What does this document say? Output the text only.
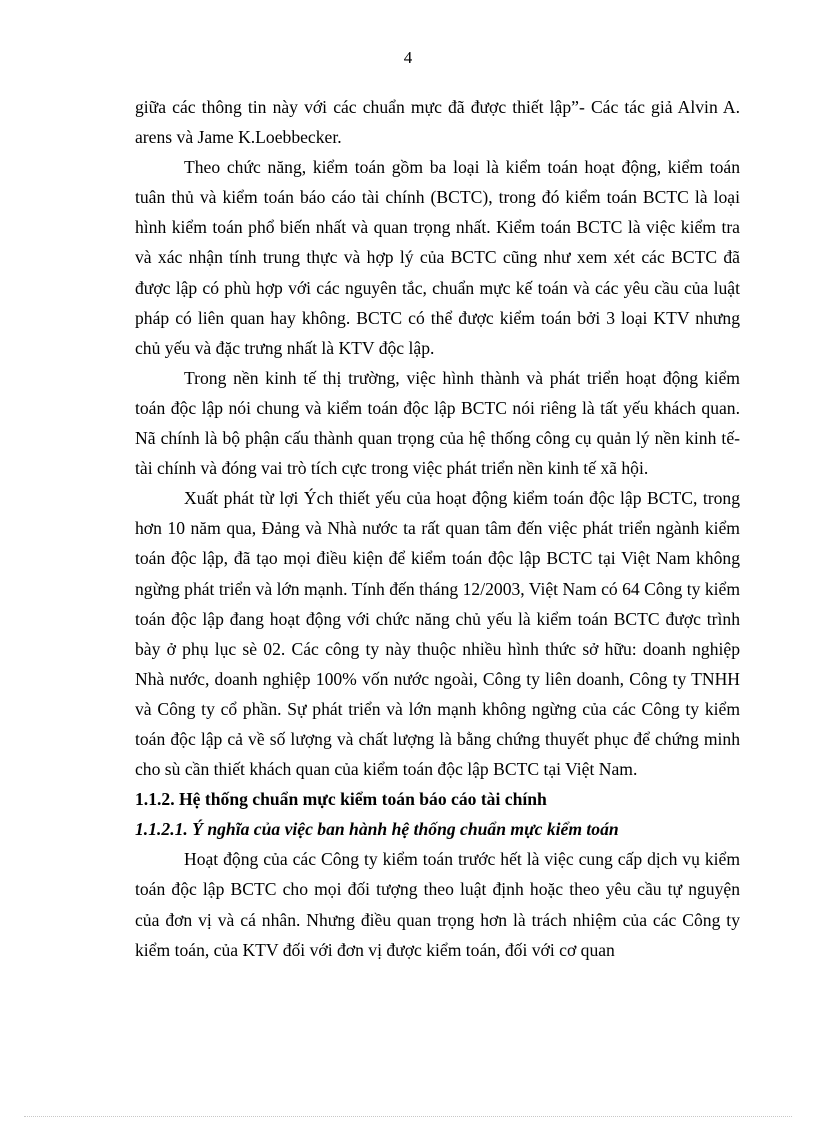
4

giữa các thông tin này với các chuẩn mực đã được thiết lập”- Các tác giả Alvin A. arens và Jame K.Loebbecker.

Theo chức năng, kiểm toán gồm ba loại là kiểm toán hoạt động, kiểm toán tuân thủ và kiểm toán báo cáo tài chính (BCTC), trong đó kiểm toán BCTC là loại hình kiểm toán phổ biến nhất và quan trọng nhất. Kiểm toán BCTC là việc kiểm tra và xác nhận tính trung thực và hợp lý của BCTC cũng như xem xét các BCTC đã được lập có phù hợp với các nguyên tắc, chuẩn mực kế toán và các yêu cầu của luật pháp có liên quan hay không. BCTC có thể được kiểm toán bởi 3 loại KTV nhưng chủ yếu và đặc trưng nhất là KTV độc lập.

Trong nền kinh tế thị trường, việc hình thành và phát triển hoạt động kiểm toán độc lập nói chung và kiểm toán độc lập BCTC nói riêng là tất yếu khách quan. Nã chính là bộ phận cấu thành quan trọng của hệ thống công cụ quản lý nền kinh tế- tài chính và đóng vai trò tích cực trong việc phát triển nền kinh tế xã hội.

Xuất phát từ lợi Ých thiết yếu của hoạt động kiểm toán độc lập BCTC, trong hơn 10 năm qua, Đảng và Nhà nước ta rất quan tâm đến việc phát triển ngành kiểm toán độc lập, đã tạo mọi điều kiện để kiểm toán độc lập BCTC tại Việt Nam không ngừng phát triển và lớn mạnh. Tính đến tháng 12/2003, Việt Nam có 64 Công ty kiểm toán độc lập đang hoạt động với chức năng chủ yếu là kiểm toán BCTC được trình bày ở phụ lục sè 02. Các công ty này thuộc nhiều hình thức sở hữu: doanh nghiệp Nhà nước, doanh nghiệp 100% vốn nước ngoài, Công ty liên doanh, Công ty TNHH và Công ty cổ phần. Sự phát triển và lớn mạnh không ngừng của các Công ty kiểm toán độc lập cả về số lượng và chất lượng là bằng chứng thuyết phục để chứng minh cho sù cần thiết khách quan của kiểm toán độc lập BCTC tại Việt Nam.

1.1.2. Hệ thống chuẩn mực kiểm toán báo cáo tài chính

1.1.2.1. Ý nghĩa của việc ban hành hệ thống chuẩn mực kiểm toán

Hoạt động của các Công ty kiểm toán trước hết là việc cung cấp dịch vụ kiểm toán độc lập BCTC cho mọi đối tượng theo luật định hoặc theo yêu cầu tự nguyện của đơn vị và cá nhân. Nhưng điều quan trọng hơn là trách nhiệm của các Công ty kiểm toán, của KTV đối với đơn vị được kiểm toán, đối với cơ quan
